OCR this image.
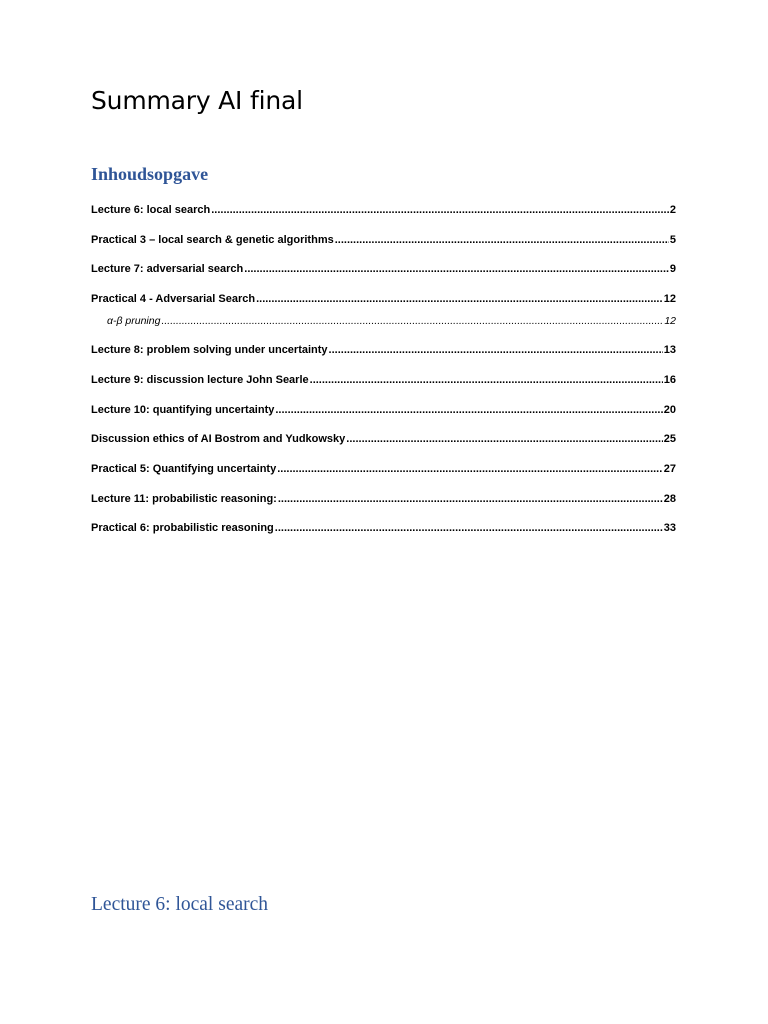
Summary AI final
Inhoudsopgave
Lecture 6: local search .....	2
Practical 3 – local search & genetic algorithms .....	5
Lecture 7: adversarial search .....	9
Practical 4 - Adversarial Search .....	12
α-β pruning .....	12
Lecture 8: problem solving under uncertainty .....	13
Lecture 9: discussion lecture John Searle .....	16
Lecture 10: quantifying uncertainty .....	20
Discussion ethics of AI Bostrom and Yudkowsky .....	25
Practical 5: Quantifying uncertainty .....	27
Lecture 11: probabilistic reasoning: .....	28
Practical 6: probabilistic reasoning .....	33
Lecture 6: local search
